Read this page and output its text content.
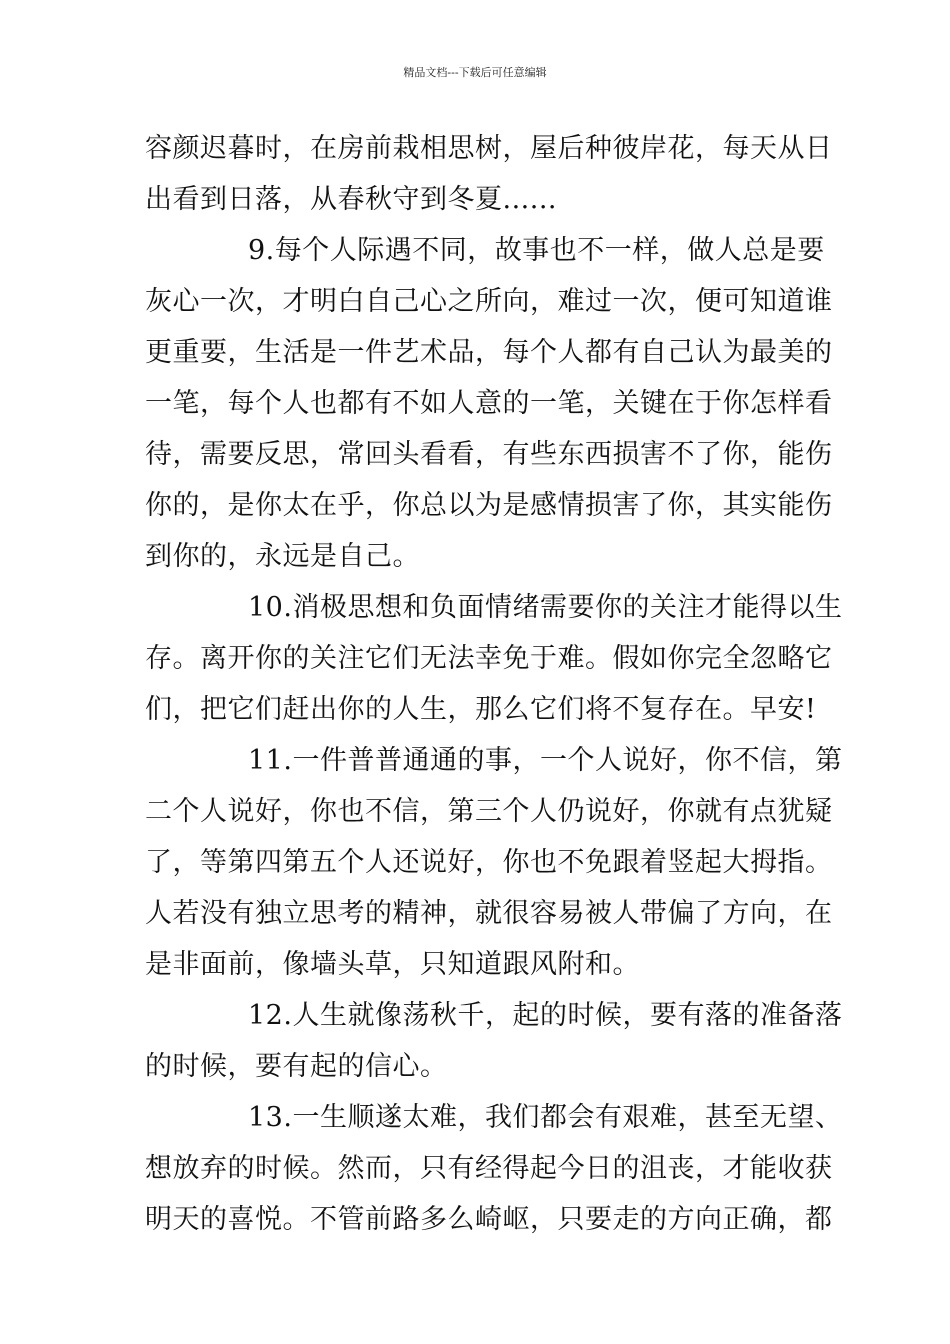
精品文档---下载后可任意编辑
容颜迟暮时，在房前栽相思树，屋后种彼岸花，每天从日
出看到日落，从春秋守到冬夏......
9.每个人际遇不同，故事也不一样，做人总是要
灰心一次，才明白自己心之所向，难过一次，便可知道谁
更重要，生活是一件艺术品，每个人都有自己认为最美的
一笔，每个人也都有不如人意的一笔，关键在于你怎样看
待，需要反思，常回头看看，有些东西损害不了你，能伤
你的，是你太在乎，你总以为是感情损害了你，其实能伤
到你的，永远是自己。
10.消极思想和负面情绪需要你的关注才能得以生
存。离开你的关注它们无法幸免于难。假如你完全忽略它
们，把它们赶出你的人生，那么它们将不复存在。早安!
11.一件普普通通的事，一个人说好，你不信，第
二个人说好，你也不信，第三个人仍说好，你就有点犹疑
了，等第四第五个人还说好，你也不免跟着竖起大拇指。
人若没有独立思考的精神，就很容易被人带偏了方向，在
是非面前，像墙头草，只知道跟风附和。
12.人生就像荡秋千，起的时候，要有落的准备落
的时候，要有起的信心。
13.一生顺遂太难，我们都会有艰难，甚至无望、
想放弃的时候。然而，只有经得起今日的沮丧，才能收获
明天的喜悦。不管前路多么崎岖，只要走的方向正确，都
